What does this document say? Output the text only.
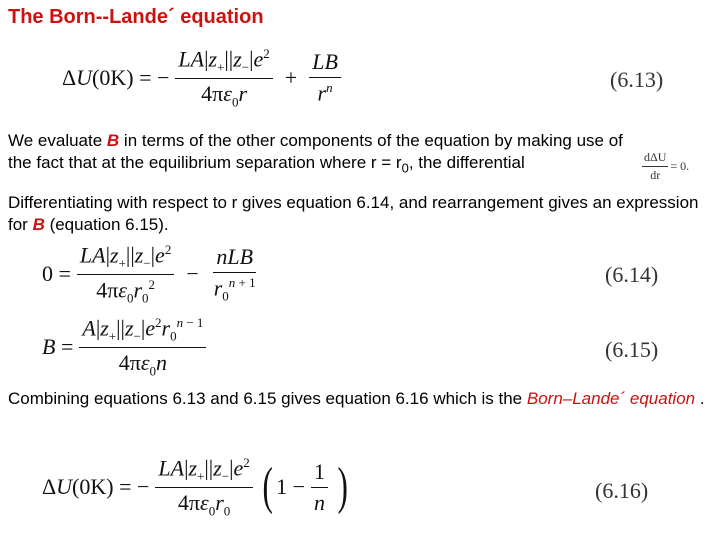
The Born--Lande´ equation
ΔU(0K) = − $\frac{LA|z_+||z_-|e^2}{4\pi\varepsilon_0r} + \frac{LB}{r^n}$	(6.13)
We evaluate B in terms of the other components of the equation by making use of the fact that at the equilibrium separation where $r = r_0$, the differential	$\frac{\text{dΔU}}{dr} = 0$.
Differentiating with respect to r gives equation 6.14, and rearrangement gives an expression for B (equation 6.15).
$0 = \frac{LA|z_+||z_-|e^2}{4\pi\varepsilon_0r_0^2} - \frac{\text{nLB}}{r_0^{n + 1}}$	(6.14)
$B = \frac{A|z_+||z_-|e^2r_0^{n - 1}}{4\pi\varepsilon_0n}$	(6.15)
Combining equations 6.13 and 6.15 gives equation 6.16 which is the Born–Lande´ equation .
ΔU(0K) = − $\frac{LA|z_+||z_-|e^2}{4\pi\varepsilon_0r_0}$ ( $1 - \frac{1}{n}$ )	(6.16)
